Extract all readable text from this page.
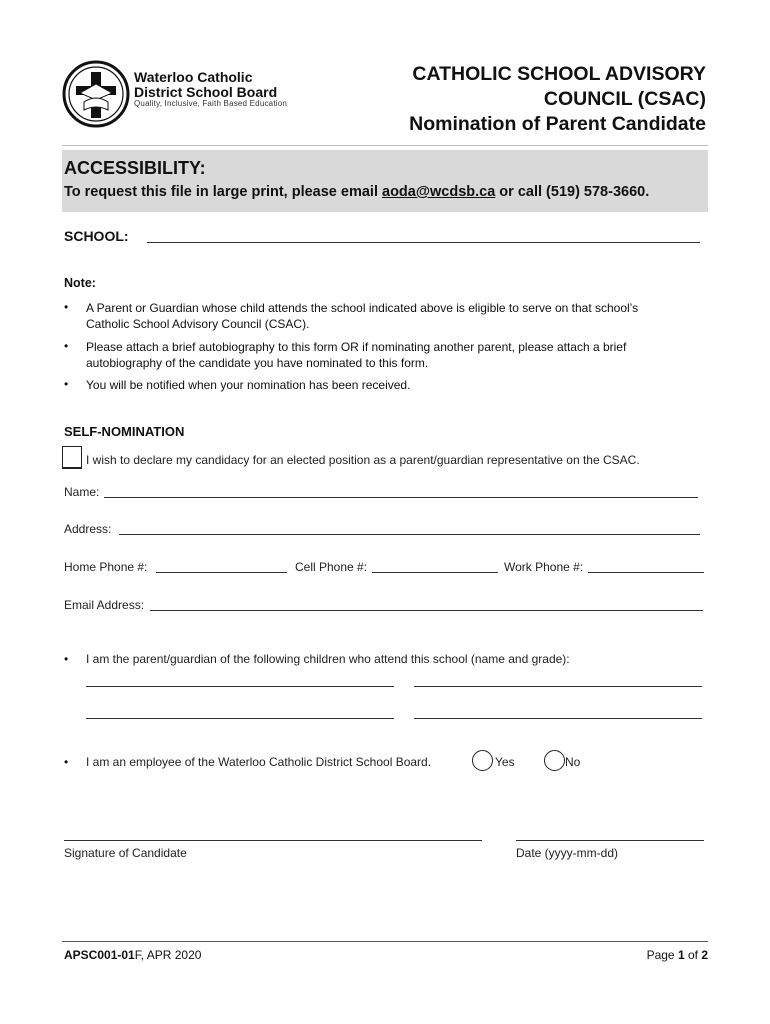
Waterloo Catholic
District School Board
Quality, Inclusive, Faith Based Education
CATHOLIC SCHOOL ADVISORY
COUNCIL (CSAC)
Nomination of Parent Candidate
ACCESSIBILITY:
To request this file in large print, please email aoda@wcdsb.ca or call (519) 578-3660.
SCHOOL:
Note:
• A Parent or Guardian whose child attends the school indicated above is eligible to serve on that school’s
Catholic School Advisory Council (CSAC).
• Please attach a brief autobiography to this form OR if nominating another parent, please attach a brief
autobiography of the candidate you have nominated to this form.
• You will be notified when your nomination has been received.
SELF-NOMINATION
I wish to declare my candidacy for an elected position as a parent/guardian representative on the CSAC.
Name:
Address:
Home Phone #:	Cell Phone #:	Work Phone #:
Email Address:
• I am the parent/guardian of the following children who attend this school (name and grade):
• I am an employee of the Waterloo Catholic District School Board.	Yes	No
Signature of Candidate	Date (yyyy-mm-dd)
APSC001-01F, APR 2020	Page 1 of 2
